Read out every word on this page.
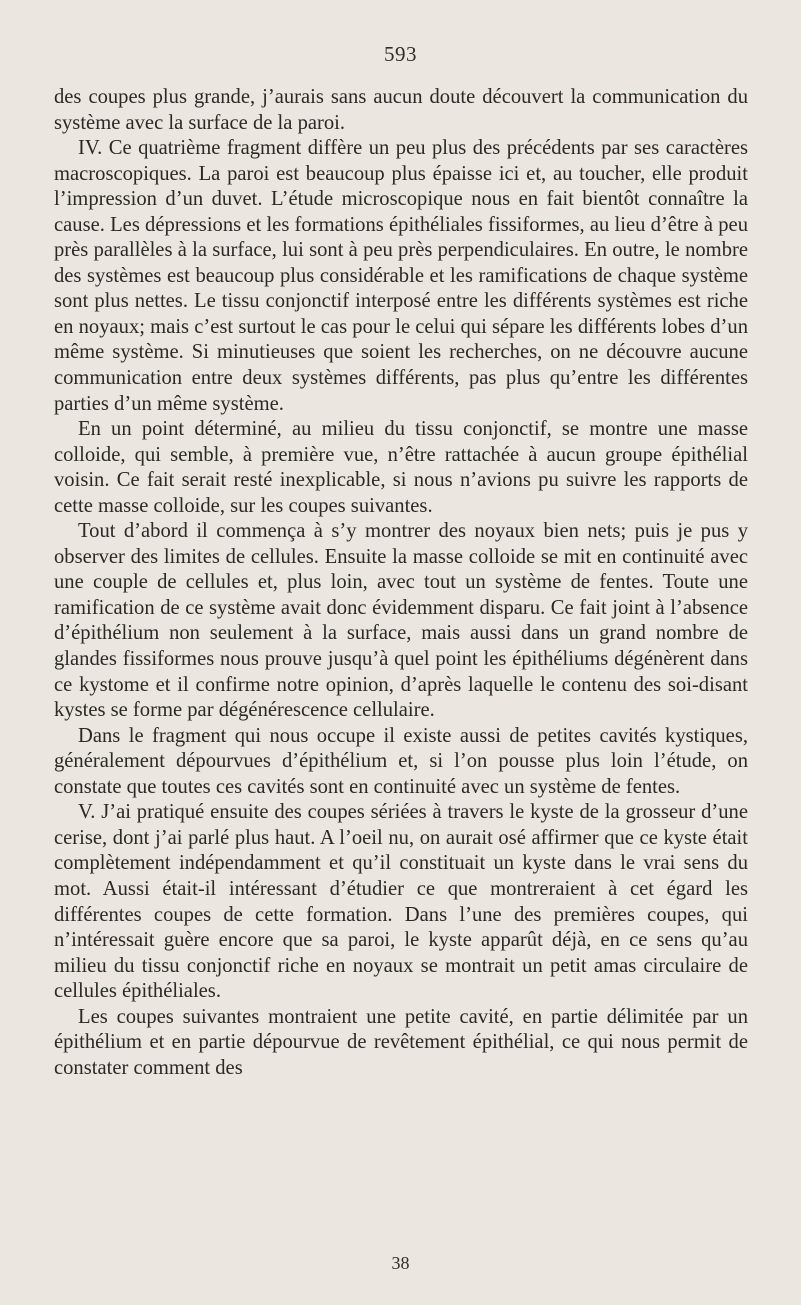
593

des coupes plus grande, j’aurais sans aucun doute découvert la communication du système avec la surface de la paroi.

IV. Ce quatrième fragment diffère un peu plus des précédents par ses caractères macroscopiques. La paroi est beaucoup plus épaisse ici et, au toucher, elle produit l’impression d’un duvet. L’étude microscopique nous en fait bientôt connaître la cause. Les dépressions et les formations épithéliales fissiformes, au lieu d’être à peu près parallèles à la surface, lui sont à peu près perpendiculaires. En outre, le nombre des systèmes est beaucoup plus considérable et les ramifications de chaque système sont plus nettes. Le tissu conjonctif interposé entre les différents systèmes est riche en noyaux; mais c’est surtout le cas pour le celui qui sépare les différents lobes d’un même système. Si minutieuses que soient les recherches, on ne découvre aucune communication entre deux systèmes différents, pas plus qu’entre les différentes parties d’un même système.

En un point déterminé, au milieu du tissu conjonctif, se montre une masse colloide, qui semble, à première vue, n’être rattachée à aucun groupe épithélial voisin. Ce fait serait resté inexplicable, si nous n’avions pu suivre les rapports de cette masse colloide, sur les coupes suivantes.

Tout d’abord il commença à s’y montrer des noyaux bien nets; puis je pus y observer des limites de cellules. Ensuite la masse colloide se mit en continuité avec une couple de cellules et, plus loin, avec tout un système de fentes. Toute une ramification de ce système avait donc évidemment disparu. Ce fait joint à l’absence d’épithélium non seulement à la surface, mais aussi dans un grand nombre de glandes fissiformes nous prouve jusqu’à quel point les épithéliums dégénèrent dans ce kystome et il confirme notre opinion, d’après laquelle le contenu des soi-disant kystes se forme par dégénérescence cellulaire.

Dans le fragment qui nous occupe il existe aussi de petites cavités kystiques, généralement dépourvues d’épithélium et, si l’on pousse plus loin l’étude, on constate que toutes ces cavités sont en continuité avec un système de fentes.

V. J’ai pratiqué ensuite des coupes sériées à travers le kyste de la grosseur d’une cerise, dont j’ai parlé plus haut. A l’oeil nu, on aurait osé affirmer que ce kyste était complètement indépendamment et qu’il constituait un kyste dans le vrai sens du mot. Aussi était-il intéressant d’étudier ce que montreraient à cet égard les différentes coupes de cette formation. Dans l’une des premières coupes, qui n’intéressait guère encore que sa paroi, le kyste apparût déjà, en ce sens qu’au milieu du tissu conjonctif riche en noyaux se montrait un petit amas circulaire de cellules épithéliales.

Les coupes suivantes montraient une petite cavité, en partie délimitée par un épithélium et en partie dépourvue de revêtement épithélial, ce qui nous permit de constater comment des

38
